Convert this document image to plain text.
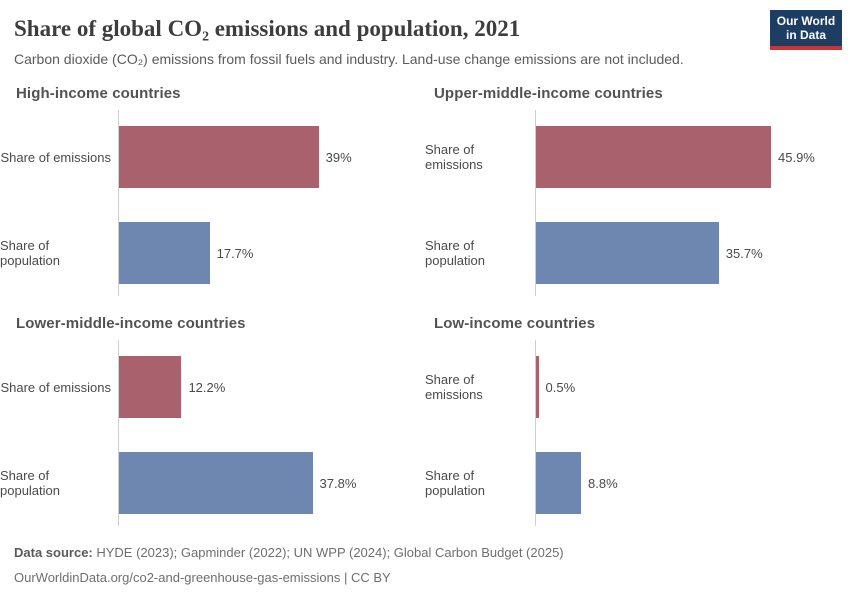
Share of global CO₂ emissions and population, 2021

Carbon dioxide (CO₂) emissions from fossil fuels and industry. Land-use change emissions are not included.

Our World
in Data
High-income countries
Share of emissions	39%
Share of population	17.7%
Upper-middle-income countries
Share of emissions	45.9%
Share of population	35.7%
Lower-middle-income countries
Share of emissions	12.2%
Share of population	37.8%
Low-income countries
Share of emissions	0.5%
Share of population	8.8%

Data source: HYDE (2023); Gapminder (2022); UN WPP (2024); Global Carbon Budget (2025)

OurWorldinData.org/co2-and-greenhouse-gas-emissions | CC BY
